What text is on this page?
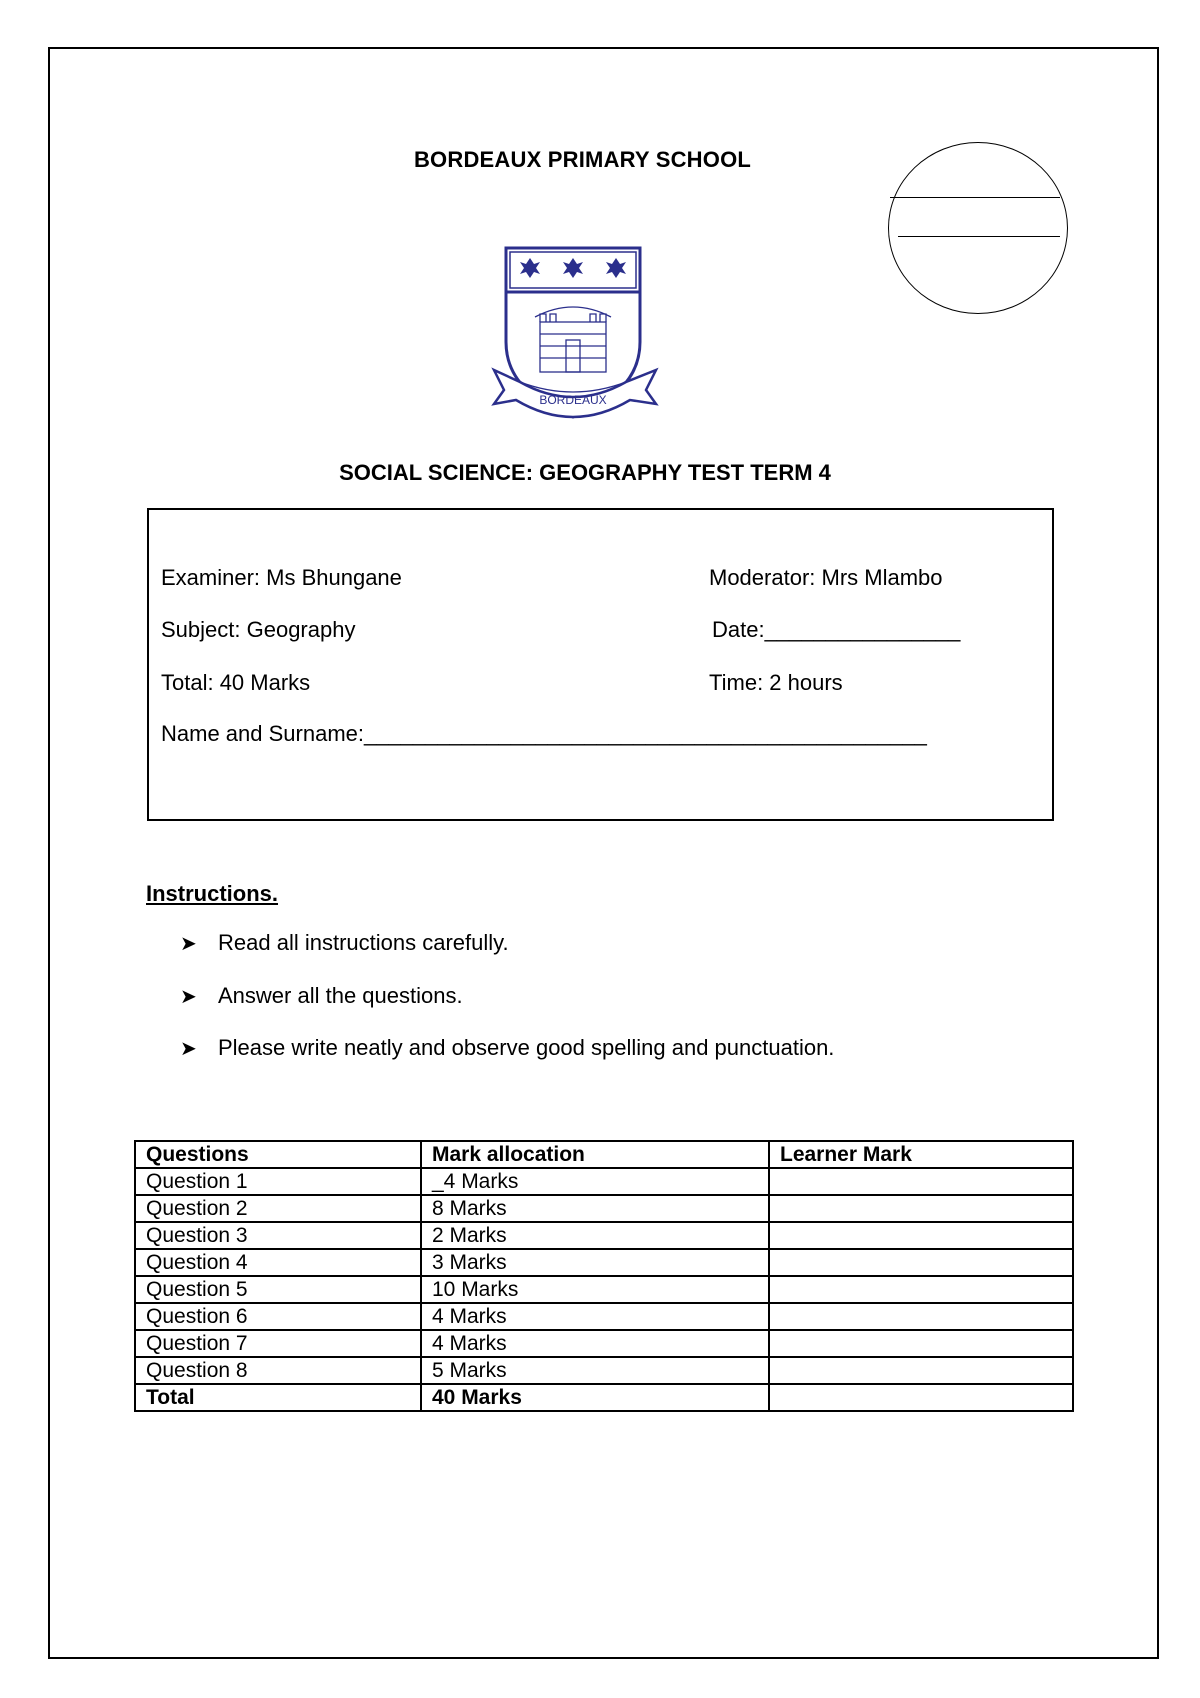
BORDEAUX PRIMARY SCHOOL
BORDEAUX
SOCIAL SCIENCE: GEOGRAPHY TEST TERM 4
Examiner: Ms Bhungane	Moderator: Mrs Mlambo
Subject: Geography	Date:________________
Total: 40 Marks	Time: 2 hours
Name and Surname:______________________________________________
Instructions.
➤ Read all instructions carefully.
➤ Answer all the questions.
➤ Please write neatly and observe good spelling and punctuation.
Questions	Mark allocation	Learner Mark
Question 1	_4 Marks	
Question 2	8 Marks	
Question 3	2 Marks	
Question 4	3 Marks	
Question 5	10 Marks	
Question 6	4 Marks	
Question 7	4 Marks	
Question 8	5 Marks	
Total	40 Marks	
